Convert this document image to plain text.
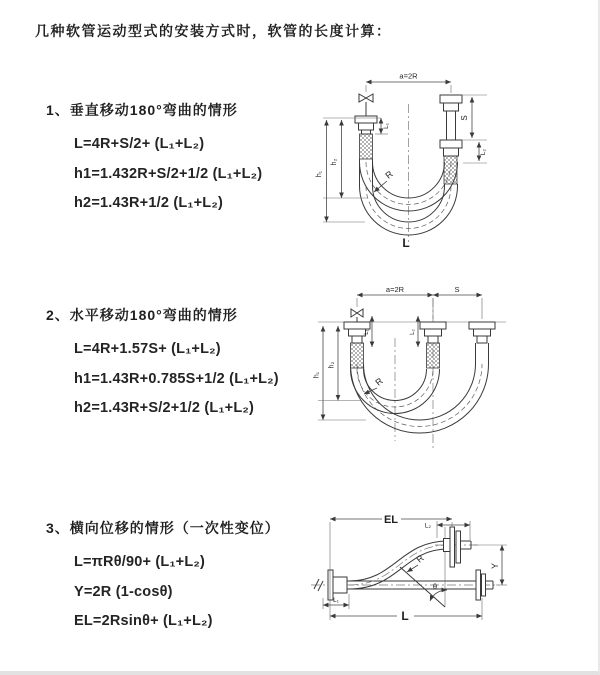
几种软管运动型式的安装方式时，软管的长度计算：
1、垂直移动180°弯曲的情形
L=4R+S/2+ (L₁+L₂)
h1=1.432R+S/2+1/2 (L₁+L₂)
h2=1.43R+1/2 (L₁+L₂)
2、水平移动180°弯曲的情形
L=4R+1.57S+ (L₁+L₂)
h1=1.43R+0.785S+1/2 (L₁+L₂)
h2=1.43R+S/2+1/2 (L₁+L₂)
3、横向位移的情形（一次性变位）
L=πRθ/90+ (L₁+L₂)
Y=2R (1-cosθ)
EL=2Rsinθ+ (L₁+L₂)
a=2R
h₂
h₁
L₁
S
L₂
R
L
a=2R	S
h₁
h₂
L₁	L₂
R
EL	L₂
Y
R
θ
L₁
L
